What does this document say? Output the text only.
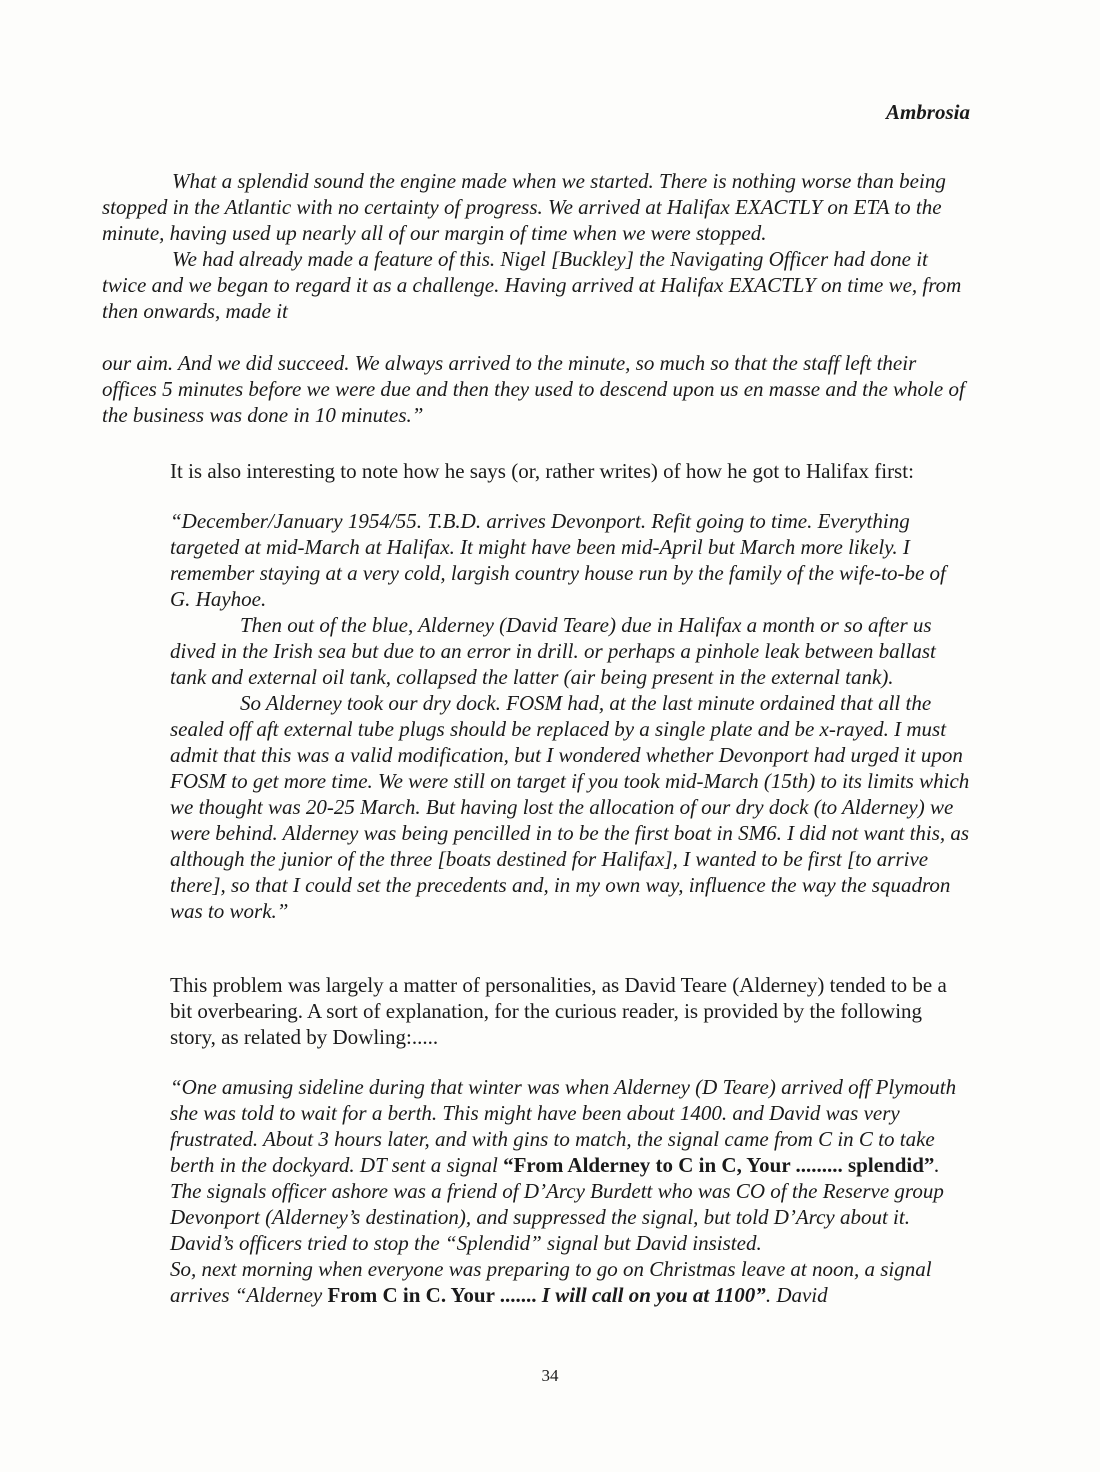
Ambrosia

What a splendid sound the engine made when we started. There is nothing worse than being stopped in the Atlantic with no certainty of progress. We arrived at Halifax EXACTLY on ETA to the minute, having used up nearly all of our margin of time when we were stopped.

We had already made a feature of this. Nigel [Buckley] the Navigating Officer had done it twice and we began to regard it as a challenge. Having arrived at Halifax EXACTLY on time we, from then onwards, made it

our aim. And we did succeed. We always arrived to the minute, so much so that the staff left their offices 5 minutes before we were due and then they used to descend upon us en masse and the whole of the business was done in 10 minutes.”

It is also interesting to note how he says (or, rather writes) of how he got to Halifax first:

“December/January 1954/55. T.B.D. arrives Devonport. Refit going to time. Everything targeted at mid-March at Halifax. It might have been mid-April but March more likely. I remember staying at a very cold, largish country house run by the family of the wife-to-be of G. Hayhoe.

Then out of the blue, Alderney (David Teare) due in Halifax a month or so after us dived in the Irish sea but due to an error in drill. or perhaps a pinhole leak between ballast tank and external oil tank, collapsed the latter (air being present in the external tank).

So Alderney took our dry dock. FOSM had, at the last minute ordained that all the sealed off aft external tube plugs should be replaced by a single plate and be x-rayed. I must admit that this was a valid modification, but I wondered whether Devonport had urged it upon FOSM to get more time. We were still on target if you took mid-March (15th) to its limits which we thought was 20-25 March. But having lost the allocation of our dry dock (to Alderney) we were behind. Alderney was being pencilled in to be the first boat in SM6. I did not want this, as although the junior of the three [boats destined for Halifax], I wanted to be first [to arrive there], so that I could set the precedents and, in my own way, influence the way the squadron was to work.”

This problem was largely a matter of personalities, as David Teare (Alderney) tended to be a bit overbearing. A sort of explanation, for the curious reader, is provided by the following story, as related by Dowling:.....

“One amusing sideline during that winter was when Alderney (D Teare) arrived off Plymouth she was told to wait for a berth. This might have been about 1400. and David was very frustrated. About 3 hours later, and with gins to match, the signal came from C in C to take berth in the dockyard. DT sent a signal “From Alderney to C in C, Your ......... splendid”. The signals officer ashore was a friend of D’Arcy Burdett who was CO of the Reserve group Devonport (Alderney’s destination), and suppressed the signal, but told D’Arcy about it. David’s officers tried to stop the “Splendid” signal but David insisted.

So, next morning when everyone was preparing to go on Christmas leave at noon, a signal arrives “Alderney From C in C. Your ....... I will call on you at 1100”. David

34
